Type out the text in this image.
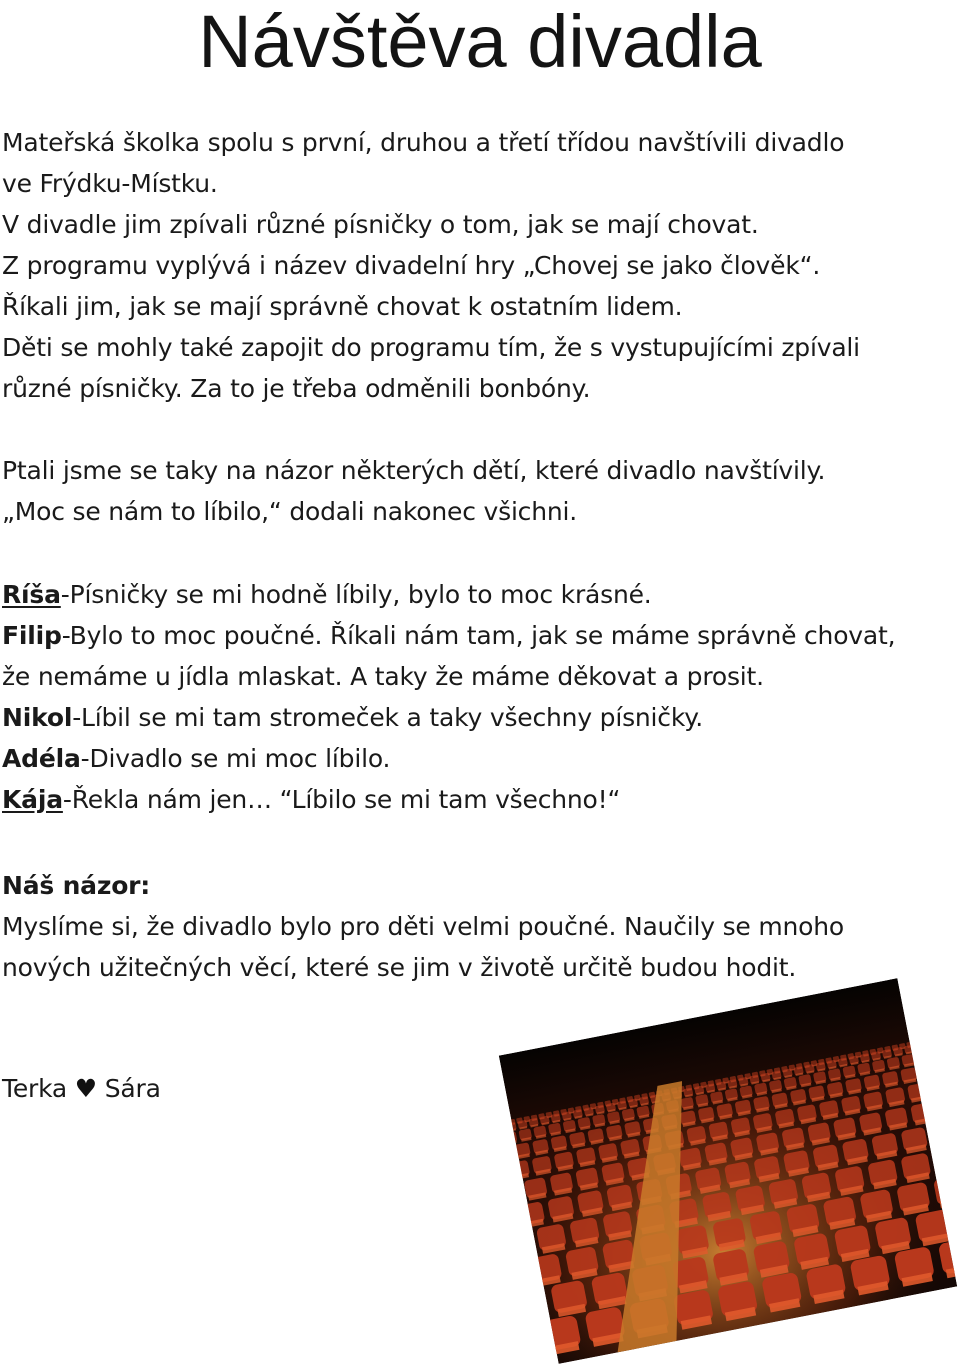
Návštěva divadla
Mateřská školka spolu s první, druhou a třetí třídou navštívili divadlo
ve Frýdku-Místku.
V divadle jim zpívali různé písničky o tom, jak se mají chovat.
Z programu vyplývá i název divadelní hry „Chovej se jako člověk“.
Říkali jim, jak se mají správně chovat k ostatním lidem.
Děti se mohly také zapojit do programu tím, že s vystupujícími zpívali
různé písničky. Za to je třeba odměnili bonbóny.
Ptali jsme se taky na názor některých dětí, které divadlo navštívily.
„Moc se nám to líbilo,“ dodali nakonec všichni.
Ríša-Písničky se mi hodně líbily, bylo to moc krásné.
Filip-Bylo to moc poučné. Říkali nám tam, jak se máme správně chovat,
že nemáme u jídla mlaskat. A taky že máme děkovat a prosit.
Nikol-Líbil se mi tam stromeček a taky všechny písničky.
Adéla-Divadlo se mi moc líbilo.
Kája-Řekla nám jen… “Líbilo se mi tam všechno!“
Náš názor:
Myslíme si, že divadlo bylo pro děti velmi poučné. Naučily se mnoho
nových užitečných věcí, které se jim v životě určitě budou hodit.
Terka ♥ Sára
